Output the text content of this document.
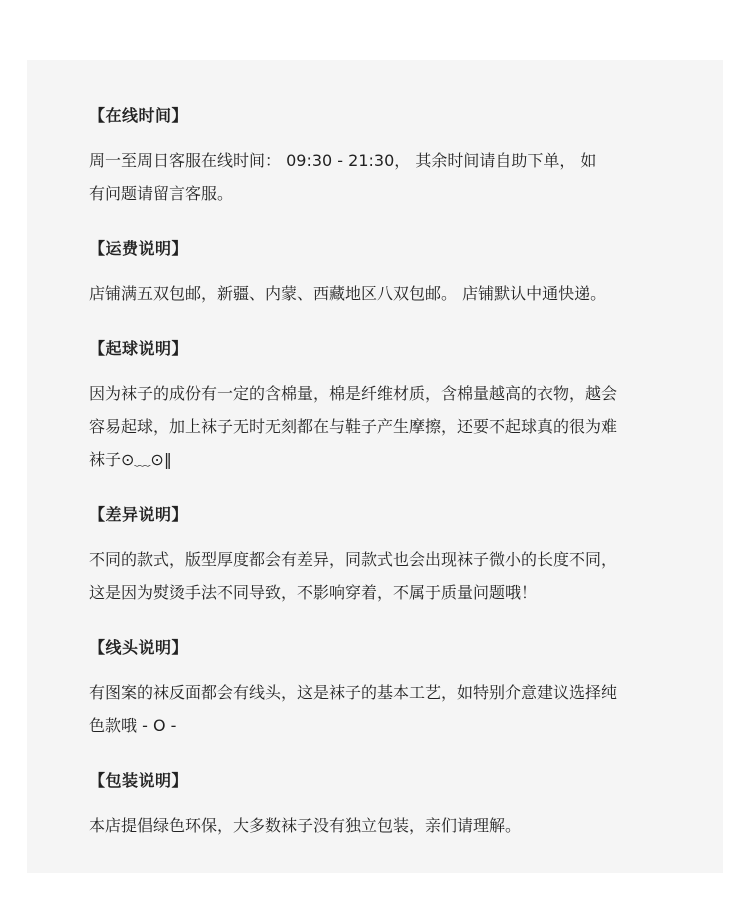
【在线时间】
周一至周日客服在线时间： 09:30 - 21:30， 其余时间请自助下单， 如
有问题请留言客服。
【运费说明】
店铺满五双包邮，新疆、内蒙、西藏地区八双包邮。 店铺默认中通快递。
【起球说明】
因为袜子的成份有一定的含棉量，棉是纤维材质，含棉量越高的衣物，越会
容易起球，加上袜子无时无刻都在与鞋子产生摩擦，还要不起球真的很为难
袜子⊙﹏⊙‖
【差异说明】
不同的款式，版型厚度都会有差异，同款式也会出现袜子微小的长度不同，
这是因为熨烫手法不同导致，不影响穿着，不属于质量问题哦！
【线头说明】
有图案的袜反面都会有线头，这是袜子的基本工艺，如特别介意建议选择纯
色款哦 - O -
【包装说明】
本店提倡绿色环保，大多数袜子没有独立包装，亲们请理解。
